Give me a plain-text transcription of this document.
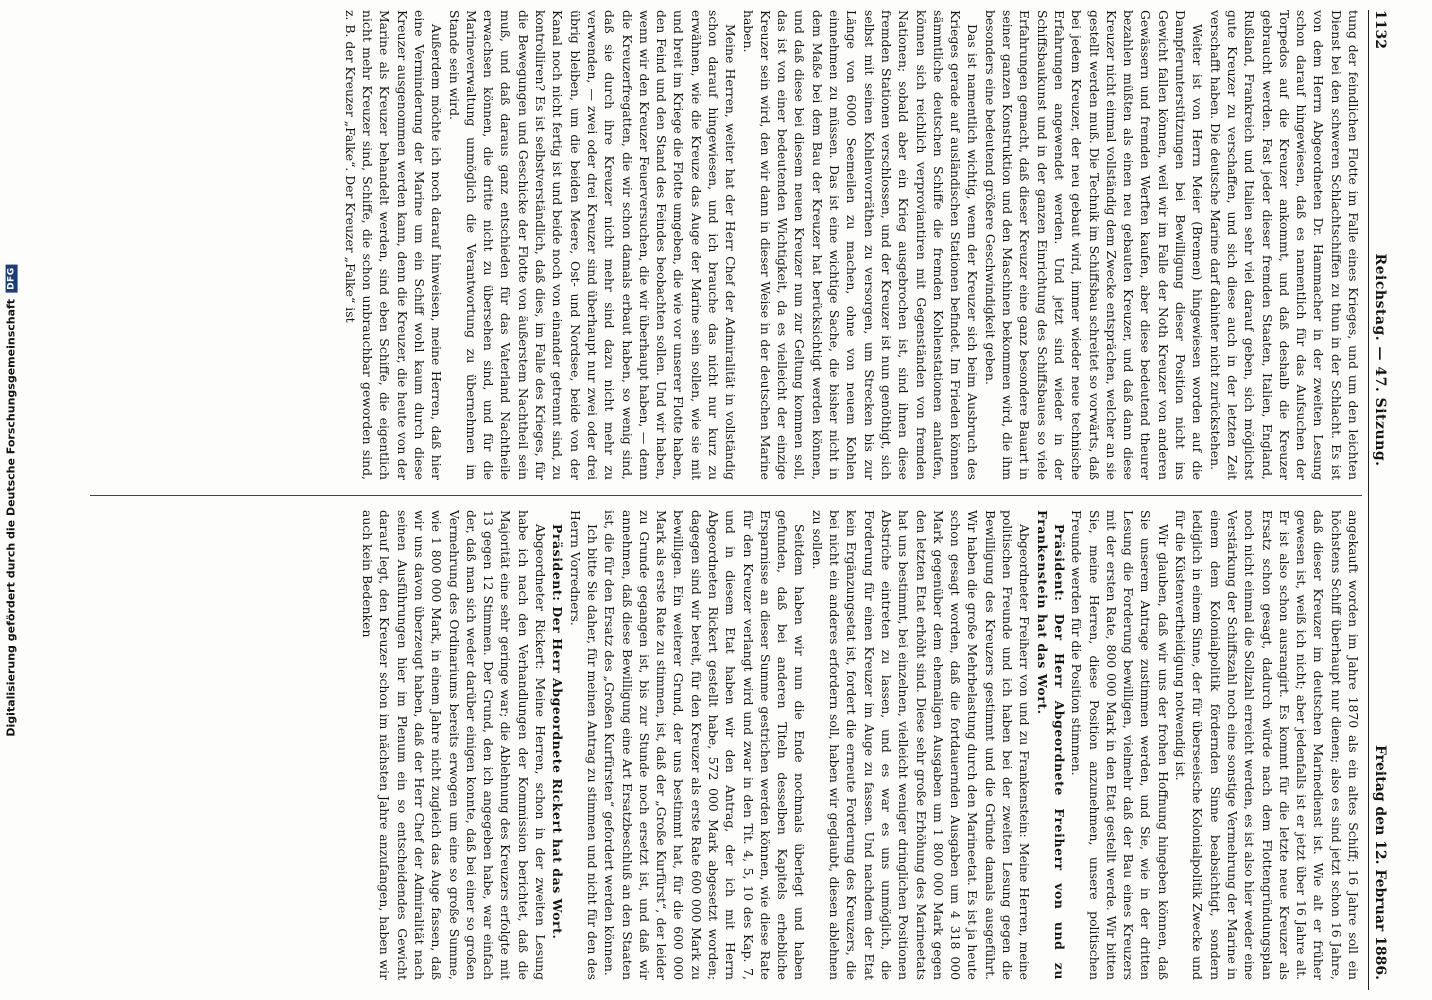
1132
Reichstag. — 47. Sitzung.
Freitag den 12. Februar 1886.

tung der feindlichen Flotte im Falle eines Krieges, und um den leichten Dienst bei den schweren Schlachtschiffen zu thun in der Schlacht. Es ist von dem Herrn Abgeordneten Dr. Hammacher in der zweiten Lesung schon darauf hingewiesen, daß es namentlich für das Aufsuchen der Torpedos auf die Kreuzer ankommt, und daß deshalb die Kreuzer gebraucht werden. Fast jeder dieser fremden Staaten, Italien, England, Rußland, Frankreich und Italien sehr viel darauf geben, sich möglichst gute Kreuzer zu verschaffen, und sich diese auch in der letzten Zeit verschafft haben. Die deutsche Marine darf dahinter nicht zurückstehen.

Weiter ist von Herrn Meier (Bremen) hingewiesen worden auf die Dampferunterstützungen bei Bewilligung dieser Position nicht ins Gewicht fallen können, weil wir im Falle der Noth Kreuzer von anderen Gewässern und fremden Werften kaufen, aber diese bedeutend theurer bezahlen müßten als einen neu gebauten Kreuzer, und daß dann diese Kreuzer nicht einmal vollständig dem Zwecke entsprächen, welcher an sie gestellt werden muß. Die Technik im Schiffsbau schreitet so vorwärts, daß bei jedem Kreuzer, der neu gebaut wird, immer wieder neue technische Erfahrungen angewendet werden. Und jetzt sind wieder in der Schiffsbaukunst und in der ganzen Einrichtung des Schiffsbaues so viele Erfahrungen gemacht, daß dieser Kreuzer eine ganz besondere Bauart in seiner ganzen Konstruktion und den Maschinen bekommen wird, die ihm besonders eine bedeutend größere Geschwindigkeit geben.

Das ist namentlich wichtig, wenn der Kreuzer sich beim Ausbruch des Krieges gerade auf ausländischen Stationen befindet. Im Frieden können sämmtliche deutschen Schiffe die fremden Kohlenstationen anlaufen, können sich reichlich verproviantiren mit Gegenständen von fremden Nationen; sobald aber ein Krieg ausgebrochen ist, sind ihnen diese fremden Stationen verschlossen, und der Kreuzer ist nun genöthigt, sich selbst mit seinen Kohlenvorräthen zu versorgen, um Strecken bis zur Länge von 6000 Seemeilen zu machen, ohne von neuem Kohlen einnehmen zu müssen. Das ist eine wichtige Sache, die bisher nicht in dem Maße bei dem Bau der Kreuzer hat berücksichtigt werden können, und daß diese bei diesem neuen Kreuzer nun zur Geltung kommen soll, das ist von einer bedeutenden Wichtigkeit, da es vielleicht der einzige Kreuzer sein wird, den wir dann in dieser Weise in der deutschen Marine haben.

Meine Herren, weiter hat der Herr Chef der Admiralität in vollständig schon darauf hingewiesen, und ich brauche das nicht nur kurz zu erwähnen, wie die Kreuze das Auge der Marine sein sollen, wie sie mit und breit im Kriege die Flotte umgeben, die wie vor unserer Flotte haben, den Feind und den Stand des Feindes beobachten sollen. Und wir haben, wenn wir den Kreuzer Feuerversuchen, die wir überhaupt haben, — denn die Kreuzerfregatten, die wir schon damals erbaut haben, so wenig sind, daß sie durch ihre Kreuzer nicht mehr sind dazu nicht mehr zu verwenden, — zwei oder drei Kreuzer sind überhaupt nur zwei oder drei übrig bleiben, um die beiden Meere, Ost- und Nordsee, beide von der Kanal noch nicht fertig ist und beide noch von einander getrennt sind, zu kontrolliren? Es ist selbstverständlich, daß dies, im Falle des Krieges, für die Bewegungen und Geschicke der Flotte von äußerstem Nachtheil sein muß, und daß daraus ganz entschieden für das Vaterland Nachtheile erwachsen können, die dritte nicht zu übersehen sind, und für die Marineverwaltung unmöglich die Verantwortung zu übernehmen im Stande sein wird.

Außerdem möchte ich noch darauf hinweisen, meine Herren, daß hier eine Verminderung der Marine um ein Schiff wohl kaum durch diese Kreuzer ausgenommen werden kann, denn die Kreuzer, die heute von der Marine als Kreuzer behandelt werden, sind eben Schiffe, die eigentlich nicht mehr Kreuzer sind, Schiffe, die schon unbrauchbar geworden sind, z. B. der Kreuzer „Falke“. Der Kreuzer „Falke“ ist

angekauft worden im Jahre 1870 als ein altes Schiff; 16 Jahre soll ein höchstens Schiff überhaupt nur dienen; also es sind jetzt schon 16 Jahre, daß dieser Kreuzer im deutschen Marinedienst ist. Wie alt er früher gewesen ist, weiß ich nicht; aber jedenfalls ist er jetzt über 16 Jahre alt. Er ist also schon ausrangirt. Es kommt für die letzte neue Kreuzer als Ersatz schon gesagt, dadurch würde nach dem Flottengründungsplan noch nicht einmal die Sollzahl erreicht werden, es ist also hier weder eine Verstärkung der Schiffszahl noch eine sonstige Vermehrung der Marine in einem dem Kolonialpolitik fördernden Sinne beabsichtigt, sondern lediglich in einem Sinne, der für überseeische Kolonialpolitik Zwecke und für die Küstenvertheidigung notwendig ist.

Wir glauben, daß wir uns der frohen Hoffnung hingeben können, daß Sie unserem Antrage zustimmen werden, und Sie, wie in der dritten Lesung die Forderung bewilligen, vielmehr daß der Bau eines Kreuzers mit der ersten Rate, 800 000 Mark in den Etat gestellt werde. Wir bitten Sie, meine Herren, diese Position anzunehmen, unsere politischen Freunde werden für die Position stimmen.

Präsident: Der Herr Abgeordnete Freiherr von und zu Frankenstein hat das Wort.

Abgeordneter Freiherr von und zu Frankenstein: Meine Herren, meine politischen Freunde und ich haben bei der zweiten Lesung gegen die Bewilligung des Kreuzers gestimmt und die Gründe damals ausgeführt. Wir haben die große Mehrbelastung durch den Marineetat. Es ist ja heute schon gesagt worden, daß die fortdauernden Ausgaben um 4 318 000 Mark gegenüber dem ehemaligen Ausgaben um 1 800 000 Mark gegen den letzten Etat erhöht sind. Diese sehr große Erhöhung des Marineetats hat uns bestimmt, bei einzelnen, vielleicht weniger dringlichen Positionen Abstriche eintreten zu lassen, und es war es uns unmöglich, die Forderung für einen Kreuzer im Auge zu fassen. Und nachdem der Etat kein Ergänzungsetat ist, fordert die erneute Forderung des Kreuzers, die bei nicht ein anderes erfordern soll, haben wir geglaubt, diesen ablehnen zu sollen.

Seitdem haben wir nun die Ende nochmals überlegt und haben gefunden, daß bei anderen Titeln desselben Kapitels erhebliche Ersparnisse an dieser Summe gestrichen werden können, wie diese Rate für den Kreuzer verlangt wird und zwar in den Tit. 4, 5, 10 des Kap. 7, und in diesem Etat haben wir den Antrag, der ich mit Herrn Abgeordneten Rickert gestellt habe, 572 000 Mark abgesetzt worden; dagegen sind wir bereit, für den Kreuzer als erste Rate 600 000 Mark zu bewilligen. Ein weiterer Grund, der uns bestimmt hat, für die 600 000 Mark als erste Rate zu stimmen, ist, daß der „Große Kurfürst“, der leider zu Grunde gegangen ist, bis zur Stunde noch ersetzt ist, und daß wir annehmen, daß diese Bewilligung eine Art Ersatzbeschluß an den Staaten ist, die für den Ersatz des „Großen Kurfürsten“ gefordert werden können.

Ich bitte Sie daher, für meinen Antrag zu stimmen und nicht für den des Herrn Vorredners.

Präsident: Der Herr Abgeordnete Rickert hat das Wort.

Abgeordneter Rickert: Meine Herren, schon in der zweiten Lesung habe ich nach den Verhandlungen der Kommission berichtet, daß die Majorität eine sehr geringe war; die Ablehnung des Kreuzers erfolgte mit 13 gegen 12 Stimmen. Der Grund, den ich angegeben habe, war einfach der, daß man sich weder darüber einigen konnte, daß bei einer so großen Vermehrung des Ordinariums bereits erwogen um eine so große Summe, wie 1 800 000 Mark, in einem Jahre nicht zugleich das Auge fassen, daß wir uns davon überzeugt haben, daß der Herr Chef der Admiralität nach seinen Ausführungen hier im Plenum ein so entscheidendes Gewicht darauf legt, den Kreuzer schon im nächsten Jahre anzufangen, haben wir auch kein Bedenken

Digitalisierung gefördert durch die Deutsche Forschungsgemeinschaft
DFG
